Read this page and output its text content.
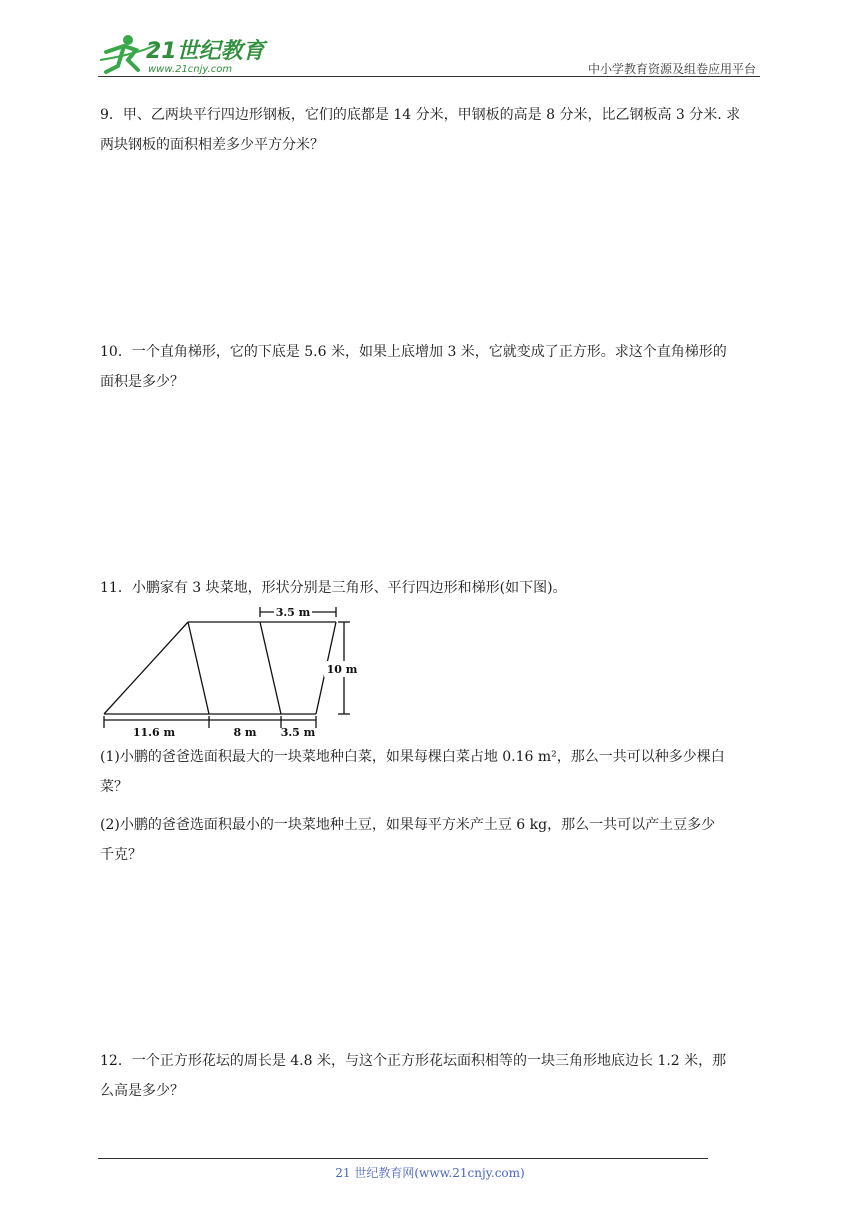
21世纪教育
www.21cnjy.com	中小学教育资源及组卷应用平台

9．甲、乙两块平行四边形钢板，它们的底都是 14 分米，甲钢板的高是 8 分米，比乙钢板高 3 分米. 求

两块钢板的面积相差多少平方分米？

10．一个直角梯形，它的下底是 5.6 米，如果上底增加 3 米，它就变成了正方形。求这个直角梯形的

面积是多少？

11．小鹏家有 3 块菜地，形状分别是三角形、平行四边形和梯形(如下图)。

3.5 m
10 m
11.6 m	8 m 3.5 m

(1)小鹏的爸爸选面积最大的一块菜地种白菜，如果每棵白菜占地 0.16 m²，那么一共可以种多少棵白

菜？

(2)小鹏的爸爸选面积最小的一块菜地种土豆，如果每平方米产土豆 6 kg，那么一共可以产土豆多少

千克？

12．一个正方形花坛的周长是 4.8 米，与这个正方形花坛面积相等的一块三角形地底边长 1.2 米，那

么高是多少？

21 世纪教育网(www.21cnjy.com)
